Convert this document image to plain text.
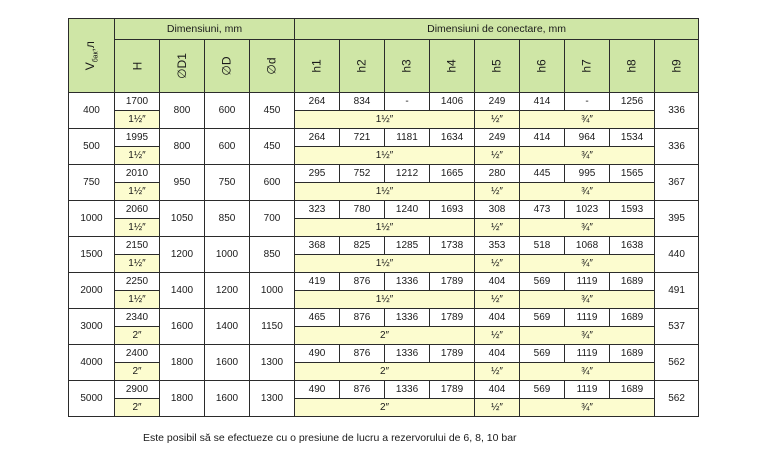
$V_{бак},л$	Dimensiuni, mm				Dimensiuni de conectare, mm								
	H	∅D1	∅D	∅d	h1	h2	h3	h4	h5	h6	h7	h8	h9
400	1700	800	600	450	264	834	-	1406	249	414	-	1256	336
	1½″				1½″				½″	¾″			
500	1995	800	600	450	264	721	1181	1634	249	414	964	1534	336
	1½″				1½″				½″	¾″			
750	2010	950	750	600	295	752	1212	1665	280	445	995	1565	367
	1½″				1½″				½″	¾″			
1000	2060	1050	850	700	323	780	1240	1693	308	473	1023	1593	395
	1½″				1½″				½″	¾″			
1500	2150	1200	1000	850	368	825	1285	1738	353	518	1068	1638	440
	1½″				1½″				½″	¾″			
2000	2250	1400	1200	1000	419	876	1336	1789	404	569	1119	1689	491
	1½″				1½″				½″	¾″			
3000	2340	1600	1400	1150	465	876	1336	1789	404	569	1119	1689	537
	2″				2″				½″	¾″			
4000	2400	1800	1600	1300	490	876	1336	1789	404	569	1119	1689	562
	2″				2″				½″	¾″			
5000	2900	1800	1600	1300	490	876	1336	1789	404	569	1119	1689	562
	2″				2″				½″	¾″			
Este posibil să se efectueze cu o presiune de lucru a rezervorului de 6, 8, 10 bar
